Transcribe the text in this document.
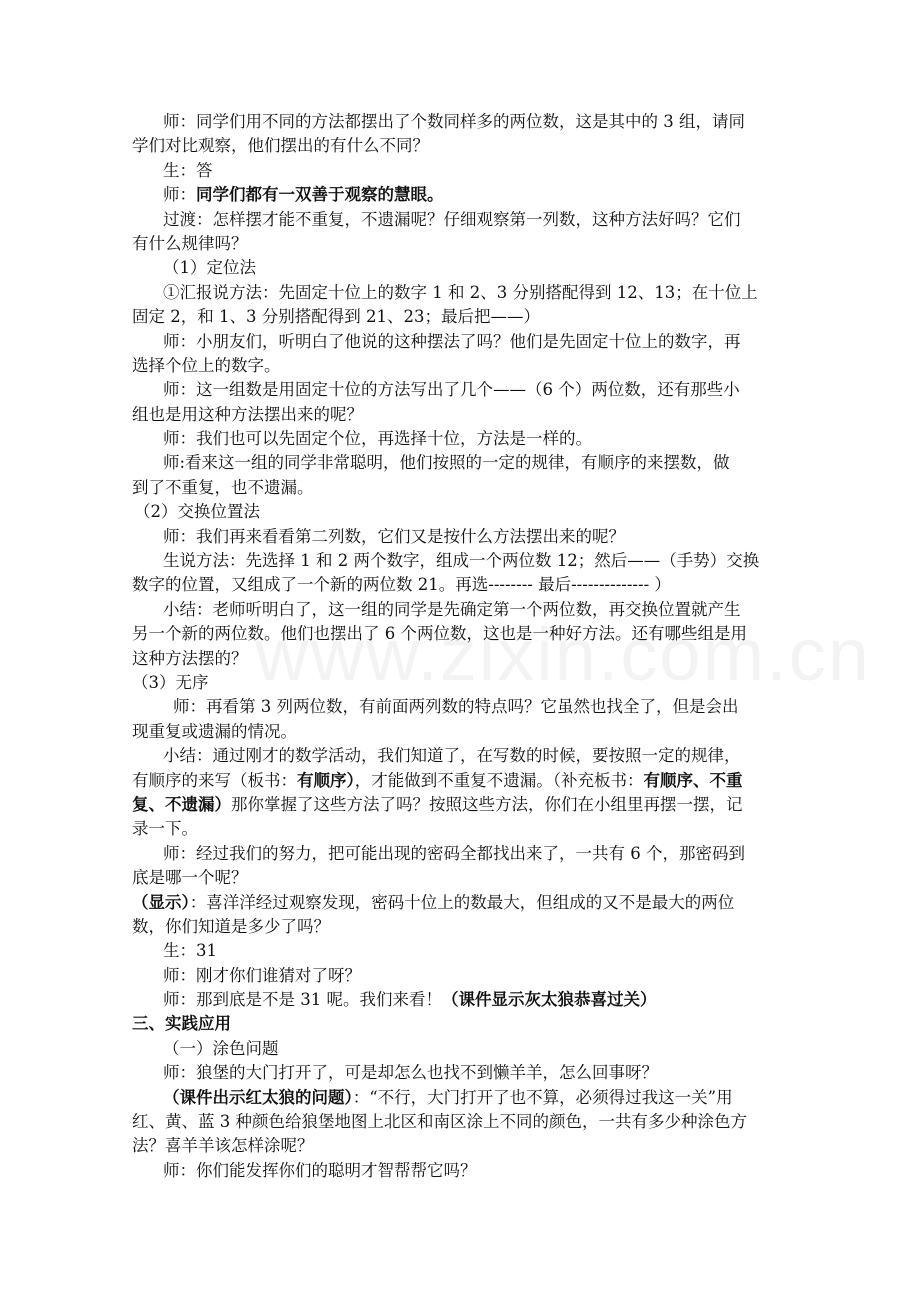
师：同学们用不同的方法都摆出了个数同样多的两位数，这是其中的 3 组，请同
学们对比观察，他们摆出的有什么不同？
生：答
师：同学们都有一双善于观察的慧眼。
过渡：怎样摆才能不重复，不遗漏呢？仔细观察第一列数，这种方法好吗？它们
有什么规律吗？
（1）定位法
①汇报说方法：先固定十位上的数字 1 和 2、3 分别搭配得到 12、13；在十位上
固定 2，和 1、3 分别搭配得到 21、23；最后把——）
师：小朋友们，听明白了他说的这种摆法了吗？他们是先固定十位上的数字，再
选择个位上的数字。
师：这一组数是用固定十位的方法写出了几个——（6 个）两位数，还有那些小
组也是用这种方法摆出来的呢？
师：我们也可以先固定个位，再选择十位，方法是一样的。
师:看来这一组的同学非常聪明，他们按照的一定的规律，有顺序的来摆数，做
到了不重复，也不遗漏。
（2）交换位置法
师：我们再来看看第二列数，它们又是按什么方法摆出来的呢？
生说方法：先选择 1 和 2 两个数字，组成一个两位数 12；然后——（手势）交换
数字的位置，又组成了一个新的两位数 21。再选-------- 最后-------------- ）
小结：老师听明白了，这一组的同学是先确定第一个两位数，再交换位置就产生
另一个新的两位数。他们也摆出了 6 个两位数，这也是一种好方法。还有哪些组是用
这种方法摆的？
（3）无序
师：再看第 3 列两位数，有前面两列数的特点吗？它虽然也找全了，但是会出
现重复或遗漏的情况。
小结：通过刚才的数学活动，我们知道了，在写数的时候，要按照一定的规律，
有顺序的来写（板书：有顺序），才能做到不重复不遗漏。（补充板书：有顺序、不重
复、不遗漏）那你掌握了这些方法了吗？按照这些方法，你们在小组里再摆一摆，记
录一下。
师：经过我们的努力，把可能出现的密码全都找出来了，一共有 6 个，那密码到
底是哪一个呢？
（显示）：喜洋洋经过观察发现，密码十位上的数最大，但组成的又不是最大的两位
数，你们知道是多少了吗？
生：31
师：刚才你们谁猜对了呀？
师：那到底是不是 31 呢。我们来看！（课件显示灰太狼恭喜过关）
三、实践应用
（一）涂色问题
师：狼堡的大门打开了，可是却怎么也找不到懒羊羊，怎么回事呀？
（课件出示红太狼的问题）：“不行，大门打开了也不算，必须得过我这一关”用
红、黄、蓝 3 种颜色给狼堡地图上北区和南区涂上不同的颜色，一共有多少种涂色方
法？喜羊羊该怎样涂呢？
师：你们能发挥你们的聪明才智帮帮它吗？
